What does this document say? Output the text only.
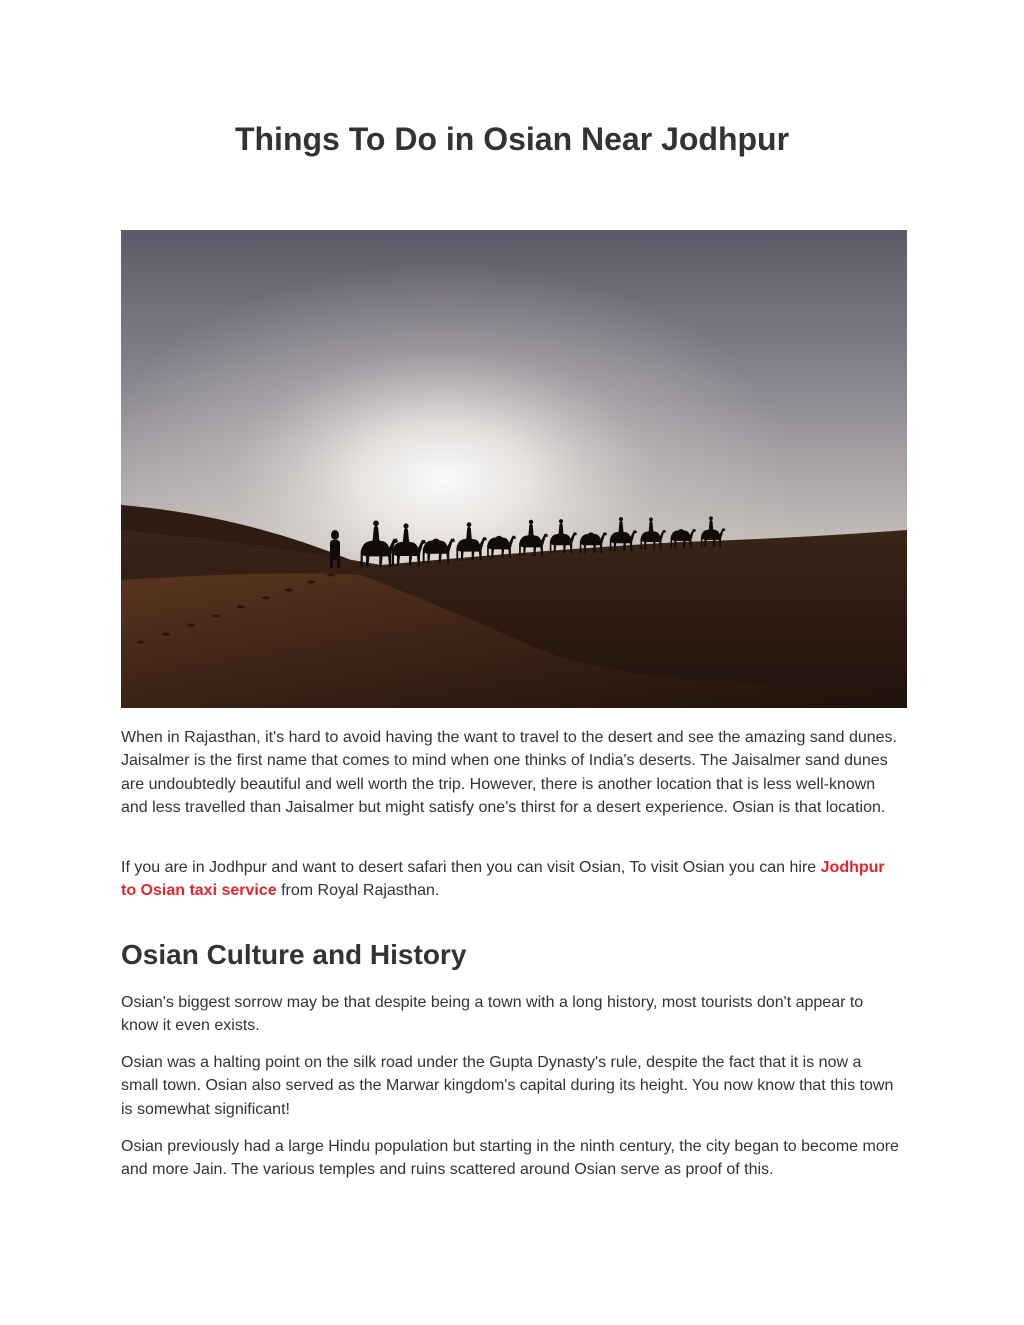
Things To Do in Osian Near Jodhpur

When in Rajasthan, it's hard to avoid having the want to travel to the desert and see the amazing sand dunes. Jaisalmer is the first name that comes to mind when one thinks of India's deserts. The Jaisalmer sand dunes are undoubtedly beautiful and well worth the trip. However, there is another location that is less well-known and less travelled than Jaisalmer but might satisfy one's thirst for a desert experience. Osian is that location.

If you are in Jodhpur and want to desert safari then you can visit Osian, To visit Osian you can hire Jodhpur to Osian taxi service from Royal Rajasthan.

Osian Culture and History

Osian's biggest sorrow may be that despite being a town with a long history, most tourists don't appear to know it even exists.

Osian was a halting point on the silk road under the Gupta Dynasty's rule, despite the fact that it is now a small town. Osian also served as the Marwar kingdom's capital during its height. You now know that this town is somewhat significant!

Osian previously had a large Hindu population but starting in the ninth century, the city began to become more and more Jain. The various temples and ruins scattered around Osian serve as proof of this.
